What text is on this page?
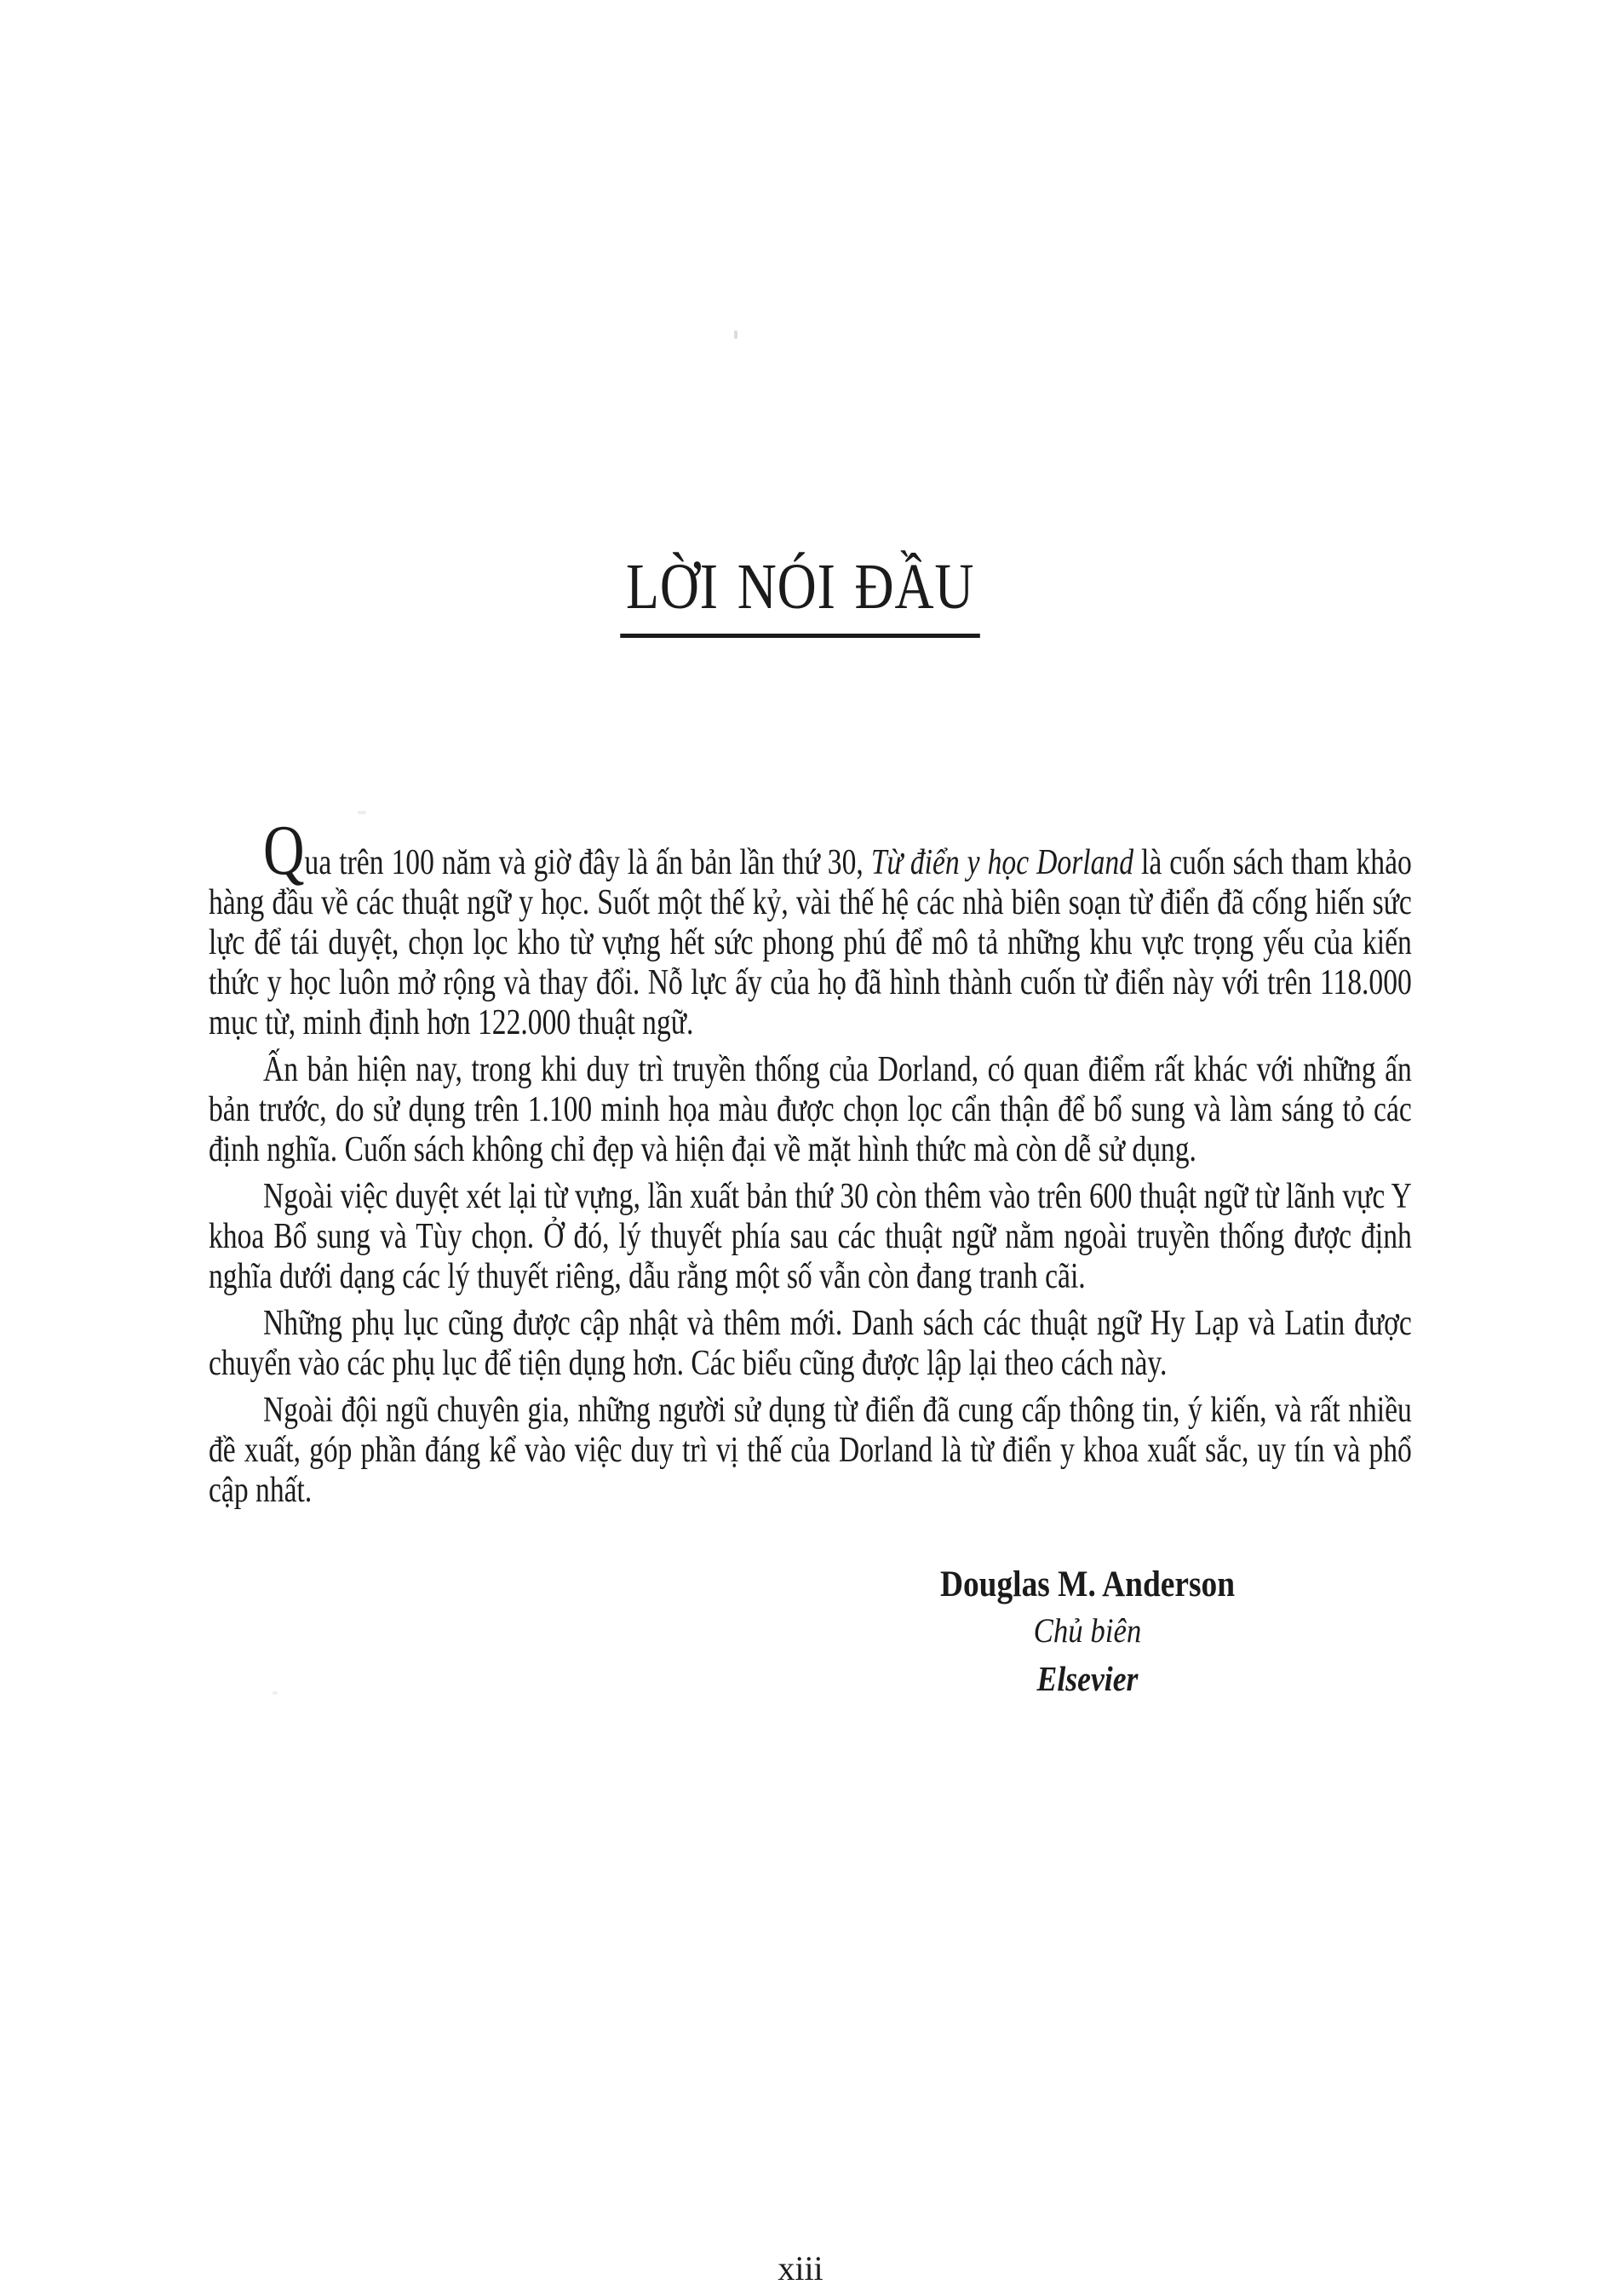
LỜI NÓI ĐẦU

Qua trên 100 năm và giờ đây là ấn bản lần thứ 30, Từ điển y học Dorland là cuốn sách tham khảo hàng đầu về các thuật ngữ y học. Suốt một thế kỷ, vài thế hệ các nhà biên soạn từ điển đã cống hiến sức lực để tái duyệt, chọn lọc kho từ vựng hết sức phong phú để mô tả những khu vực trọng yếu của kiến thức y học luôn mở rộng và thay đổi. Nỗ lực ấy của họ đã hình thành cuốn từ điển này với trên 118.000 mục từ, minh định hơn 122.000 thuật ngữ.

Ấn bản hiện nay, trong khi duy trì truyền thống của Dorland, có quan điểm rất khác với những ấn bản trước, do sử dụng trên 1.100 minh họa màu được chọn lọc cẩn thận để bổ sung và làm sáng tỏ các định nghĩa. Cuốn sách không chỉ đẹp và hiện đại về mặt hình thức mà còn dễ sử dụng.

Ngoài việc duyệt xét lại từ vựng, lần xuất bản thứ 30 còn thêm vào trên 600 thuật ngữ từ lãnh vực Y khoa Bổ sung và Tùy chọn. Ở đó, lý thuyết phía sau các thuật ngữ nằm ngoài truyền thống được định nghĩa dưới dạng các lý thuyết riêng, dẫu rằng một số vẫn còn đang tranh cãi.

Những phụ lục cũng được cập nhật và thêm mới. Danh sách các thuật ngữ Hy Lạp và Latin được chuyển vào các phụ lục để tiện dụng hơn. Các biểu cũng được lập lại theo cách này.

Ngoài đội ngũ chuyên gia, những người sử dụng từ điển đã cung cấp thông tin, ý kiến, và rất nhiều đề xuất, góp phần đáng kể vào việc duy trì vị thế của Dorland là từ điển y khoa xuất sắc, uy tín và phổ cập nhất.

Douglas M. Anderson
Chủ biên
Elsevier
xiii
